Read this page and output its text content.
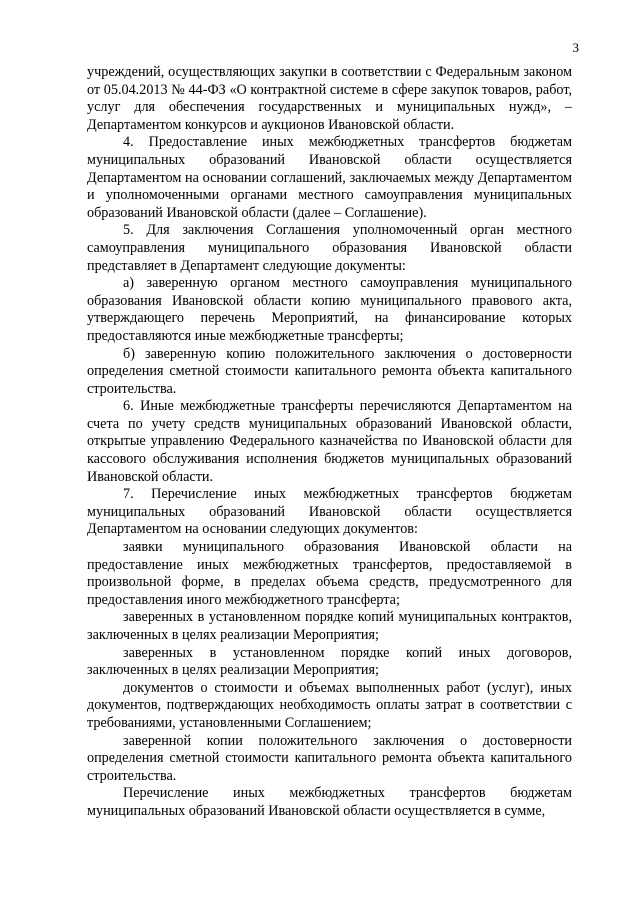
3

учреждений, осуществляющих закупки в соответствии с Федеральным законом от 05.04.2013 № 44-ФЗ «О контрактной системе в сфере закупок товаров, работ, услуг для обеспечения государственных и муниципальных нужд», – Департаментом конкурсов и аукционов Ивановской области.

4. Предоставление иных межбюджетных трансфертов бюджетам муниципальных образований Ивановской области осуществляется Департаментом на основании соглашений, заключаемых между Департаментом и уполномоченными органами местного самоуправления муниципальных образований Ивановской области (далее – Соглашение).

5. Для заключения Соглашения уполномоченный орган местного самоуправления муниципального образования Ивановской области представляет в Департамент следующие документы:

а) заверенную органом местного самоуправления муниципального образования Ивановской области копию муниципального правового акта, утверждающего перечень Мероприятий, на финансирование которых предоставляются иные межбюджетные трансферты;

б) заверенную копию положительного заключения о достоверности определения сметной стоимости капитального ремонта объекта капитального строительства.

6. Иные межбюджетные трансферты перечисляются Департаментом на счета по учету средств муниципальных образований Ивановской области, открытые управлению Федерального казначейства по Ивановской области для кассового обслуживания исполнения бюджетов муниципальных образований Ивановской области.

7. Перечисление иных межбюджетных трансфертов бюджетам муниципальных образований Ивановской области осуществляется Департаментом на основании следующих документов:

заявки муниципального образования Ивановской области на предоставление иных межбюджетных трансфертов, предоставляемой в произвольной форме, в пределах объема средств, предусмотренного для предоставления иного межбюджетного трансферта;

заверенных в установленном порядке копий муниципальных контрактов, заключенных в целях реализации Мероприятия;

заверенных в установленном порядке копий иных договоров, заключенных в целях реализации Мероприятия;

документов о стоимости и объемах выполненных работ (услуг), иных документов, подтверждающих необходимость оплаты затрат в соответствии с требованиями, установленными Соглашением;

заверенной копии положительного заключения о достоверности определения сметной стоимости капитального ремонта объекта капитального строительства.

Перечисление иных межбюджетных трансфертов бюджетам муниципальных образований Ивановской области осуществляется в сумме,
